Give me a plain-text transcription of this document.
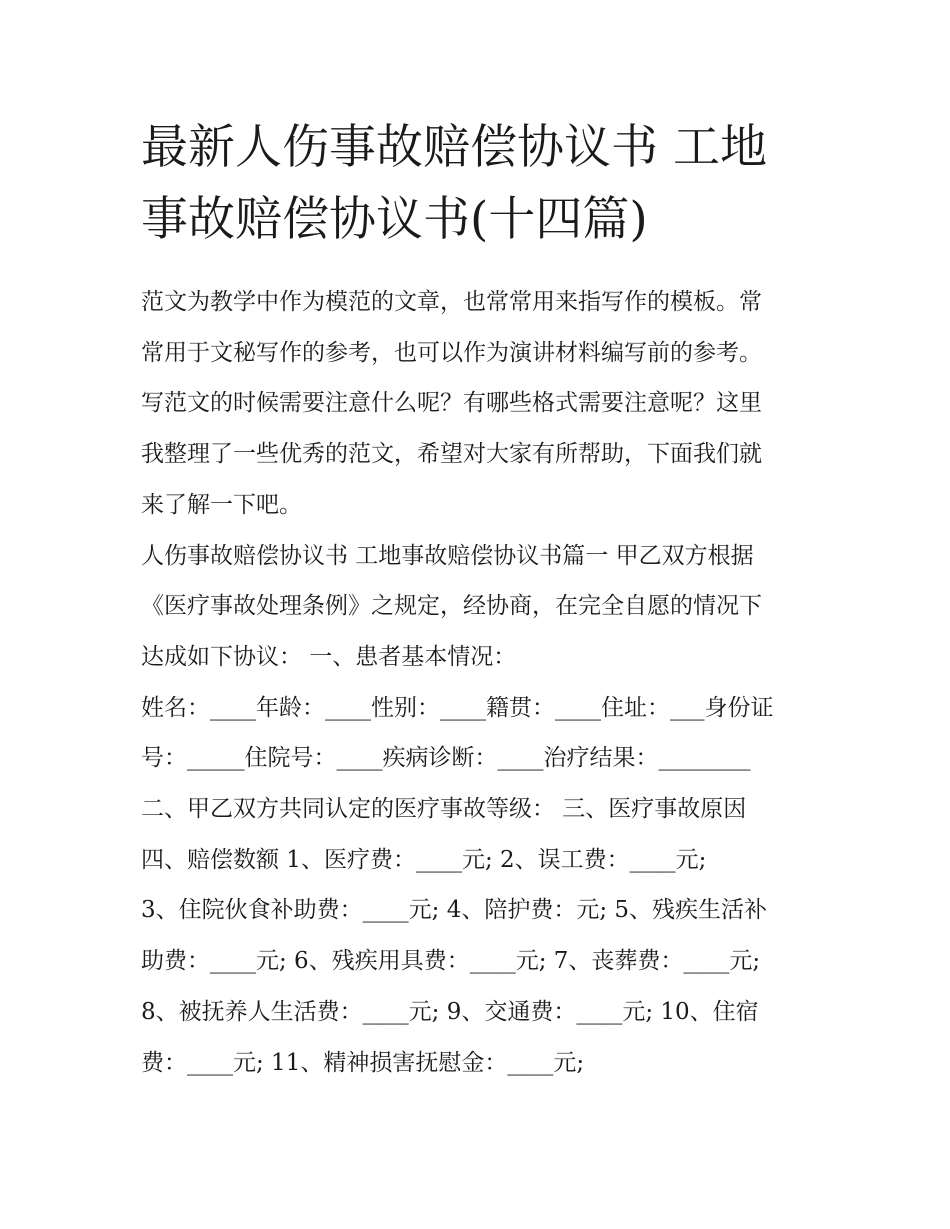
最新人伤事故赔偿协议书 工地
事故赔偿协议书(十四篇)
范文为教学中作为模范的文章，也常常用来指写作的模板。常
常用于文秘写作的参考，也可以作为演讲材料编写前的参考。
写范文的时候需要注意什么呢？有哪些格式需要注意呢？这里
我整理了一些优秀的范文，希望对大家有所帮助，下面我们就
来了解一下吧。
人伤事故赔偿协议书 工地事故赔偿协议书篇一 甲乙双方根据
《医疗事故处理条例》之规定，经协商，在完全自愿的情况下
达成如下协议： 一、患者基本情况：
姓名：____年龄：____性别：____籍贯：____住址：___身份证
号：_____住院号：____疾病诊断：____治疗结果：________
二、甲乙双方共同认定的医疗事故等级： 三、医疗事故原因
四、赔偿数额 1、医疗费：____元; 2、误工费：____元;
3、住院伙食补助费：____元; 4、陪护费：元; 5、残疾生活补
助费：____元; 6、残疾用具费：____元; 7、丧葬费：____元;
8、被抚养人生活费：____元; 9、交通费：____元; 10、住宿
费：____元; 11、精神损害抚慰金：____元;
